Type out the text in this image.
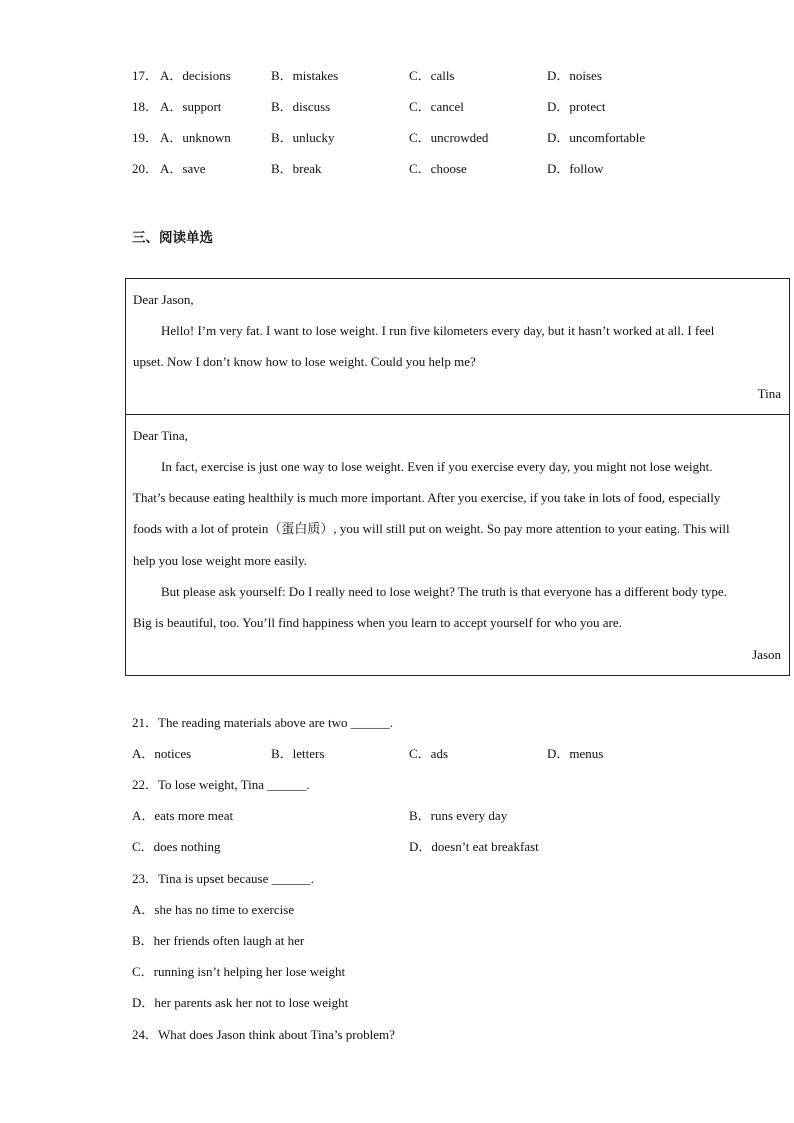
17． A．decisions	B．mistakes	C．calls	D．noises
18． A．support	B．discuss	C．cancel	D．protect
19． A．unknown	B．unlucky	C．uncrowded	D．uncomfortable
20． A．save	B．break	C．choose	D．follow
三、阅读单选
Dear Jason,
Hello! I’m very fat. I want to lose weight. I run five kilometers every day, but it hasn’t worked at all. I feel
upset. Now I don’t know how to lose weight. Could you help me?
Tina
Dear Tina,
In fact, exercise is just one way to lose weight. Even if you exercise every day, you might not lose weight.
That’s because eating healthily is much more important. After you exercise, if you take in lots of food, especially
foods with a lot of protein（蛋白质）, you will still put on weight. So pay more attention to your eating. This will
help you lose weight more easily.
But please ask yourself: Do I really need to lose weight? The truth is that everyone has a different body type.
Big is beautiful, too. You’ll find happiness when you learn to accept yourself for who you are.
Jason
21．The reading materials above are two ______.
A．notices	B．letters	C．ads	D．menus
22．To lose weight, Tina ______.
A．eats more meat	B．runs every day
C．does nothing	D．doesn’t eat breakfast
23．Tina is upset because ______.
A．she has no time to exercise
B．her friends often laugh at her
C．running isn’t helping her lose weight
D．her parents ask her not to lose weight
24．What does Jason think about Tina’s problem?
